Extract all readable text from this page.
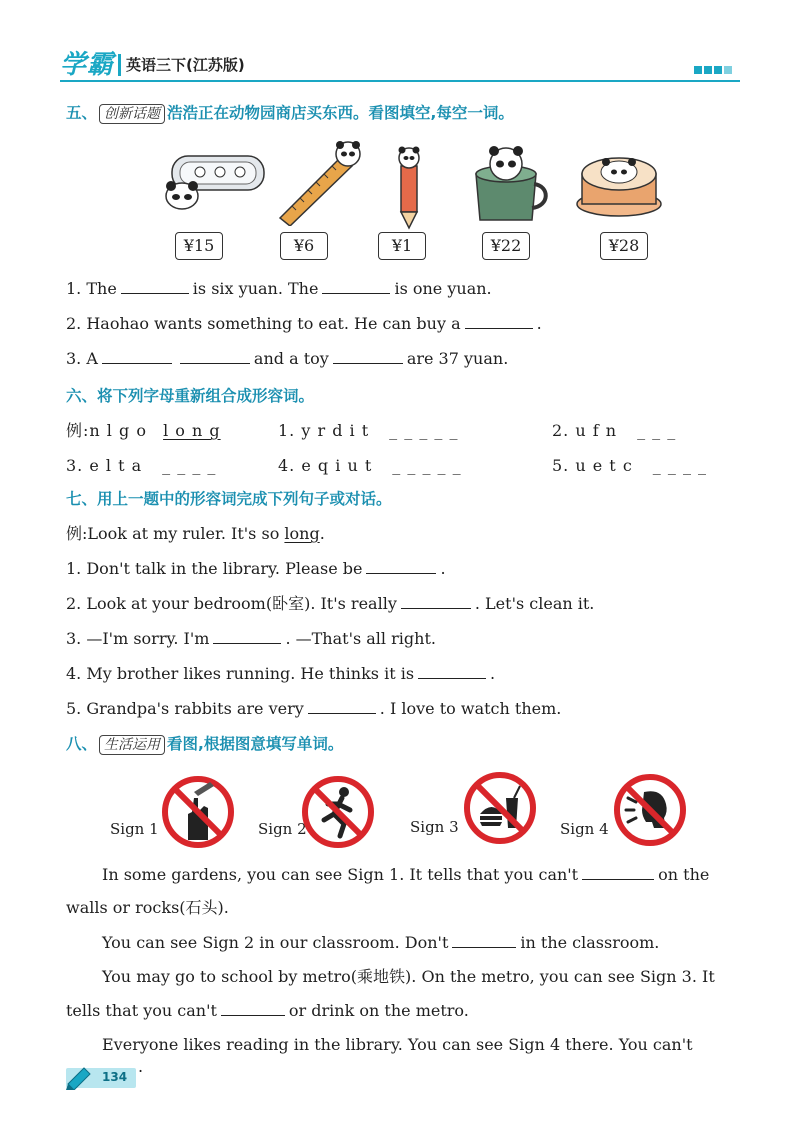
学霸 英语三下(江苏版)
五、 创新话题 浩浩正在动物园商店买东西。看图填空,每空一词。
¥15	¥6	¥1	¥22	¥28
1. The	is six yuan. The	is one yuan.
2. Haohao wants something to eat. He can buy a	.
3. A	and a toy	are 37 yuan.
六、将下列字母重新组合成形容词。
例:n l g o l o n g	1. y r d i t _ _ _ _ _	2. u f n _ _ _
3. e l t a _ _ _ _	4. e q i u t _ _ _ _ _	5. u e t c _ _ _ _
七、用上一题中的形容词完成下列句子或对话。
例:Look at my ruler. It's so long.
1. Don't talk in the library. Please be	.
2. Look at your bedroom(卧室). It's really	. Let's clean it.
3. —I'm sorry. I'm	. —That's all right.
4. My brother likes running. He thinks it is	.
5. Grandpa's rabbits are very	. I love to watch them.
八、 生活运用 看图,根据图意填写单词。
Sign 1	Sign 2	Sign 3	Sign 4
In some gardens, you can see Sign 1. It tells that you can't	on the
walls or rocks(石头).
You can see Sign 2 in our classroom. Don't	in the classroom.
You may go to school by metro(乘地铁). On the metro, you can see Sign 3. It
tells that you can't	or drink on the metro.
Everyone likes reading in the library. You can see Sign 4 there. You can't.
134
